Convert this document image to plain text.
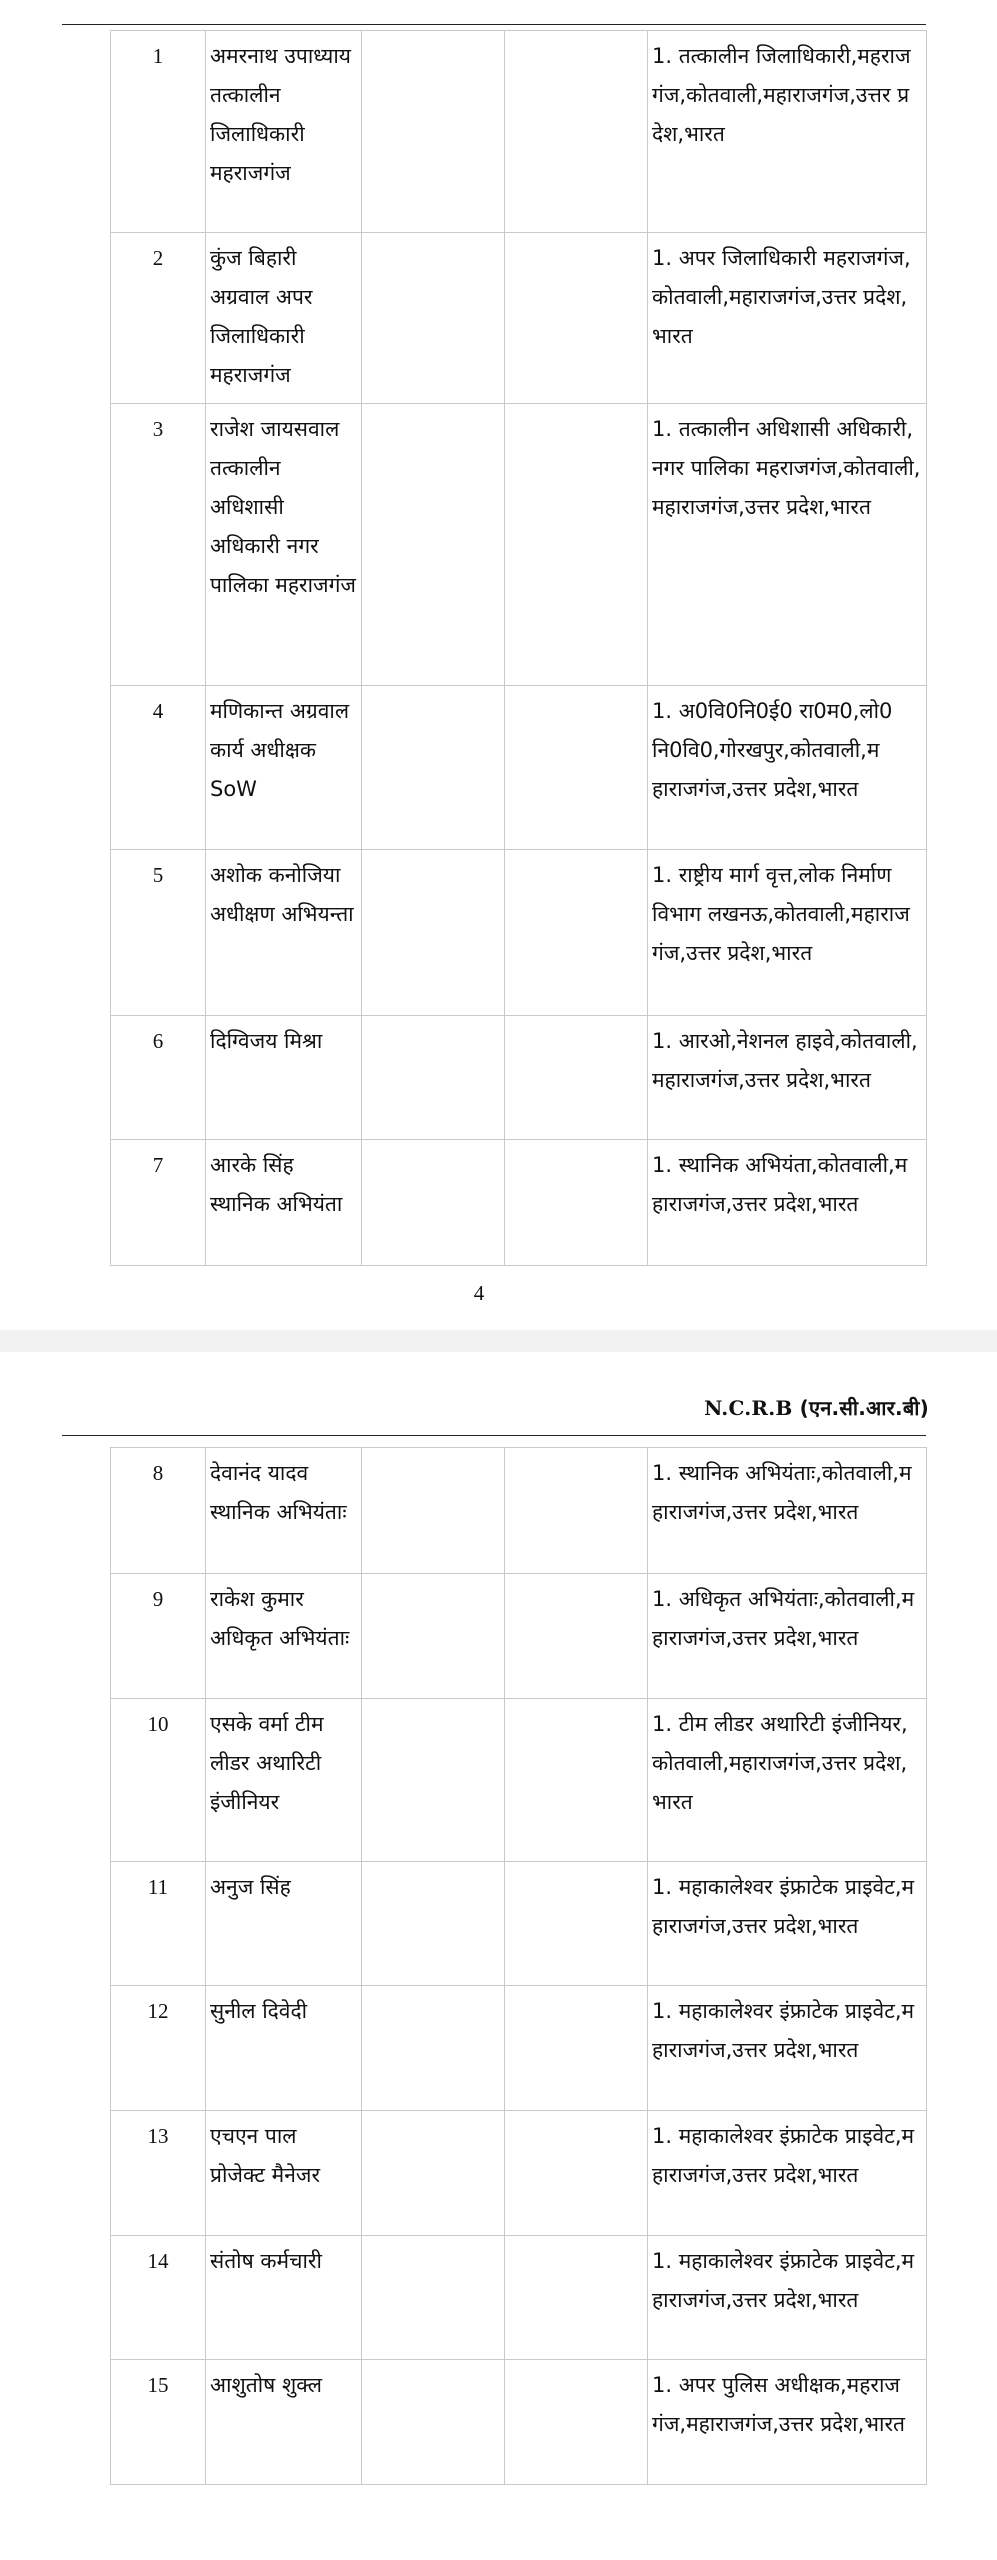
1	अमरनाथ उपाध्याय तत्कालीन जिलाधिकारी महराजगंज			1. तत्कालीन जिलाधिकारी,महराजगंज,कोतवाली,महाराजगंज,उत्तर प्रदेश,भारत
2	कुंज बिहारी अग्रवाल अपर जिलाधिकारी महराजगंज			1. अपर जिलाधिकारी महराजगंज,कोतवाली,महाराजगंज,उत्तर प्रदेश,भारत
3	राजेश जायसवाल तत्कालीन अधिशासी अधिकारी नगर पालिका महराजगंज			1. तत्कालीन अधिशासी अधिकारी,नगर पालिका महराजगंज,कोतवाली,महाराजगंज,उत्तर प्रदेश,भारत
4	मणिकान्त अग्रवाल कार्य अधीक्षक SoW			1. अ0वि0नि0ई0 रा0म0,लो0नि0वि0,गोरखपुर,कोतवाली,महाराजगंज,उत्तर प्रदेश,भारत
5	अशोक कनोजिया अधीक्षण अभियन्ता			1. राष्ट्रीय मार्ग वृत्त,लोक निर्माण विभाग लखनऊ,कोतवाली,महाराजगंज,उत्तर प्रदेश,भारत
6	दिग्विजय मिश्रा			1. आरओ,नेशनल हाइवे,कोतवाली,महाराजगंज,उत्तर प्रदेश,भारत
7	आरके सिंह स्थानिक अभियंता			1. स्थानिक अभियंता,कोतवाली,महाराजगंज,उत्तर प्रदेश,भारत
4
N.C.R.B (एन.सी.आर.बी)
8	देवानंद यादव स्थानिक अभियंताः			1. स्थानिक अभियंताः,कोतवाली,महाराजगंज,उत्तर प्रदेश,भारत
9	राकेश कुमार अधिकृत अभियंताः			1. अधिकृत अभियंताः,कोतवाली,महाराजगंज,उत्तर प्रदेश,भारत
10	एसके वर्मा टीम लीडर अथारिटी इंजीनियर			1. टीम लीडर अथारिटी इंजीनियर,कोतवाली,महाराजगंज,उत्तर प्रदेश,भारत
11	अनुज सिंह			1. महाकालेश्वर इंफ्राटेक प्राइवेट,महाराजगंज,उत्तर प्रदेश,भारत
12	सुनील दिवेदी			1. महाकालेश्वर इंफ्राटेक प्राइवेट,महाराजगंज,उत्तर प्रदेश,भारत
13	एचएन पाल प्रोजेक्ट मैनेजर			1. महाकालेश्वर इंफ्राटेक प्राइवेट,महाराजगंज,उत्तर प्रदेश,भारत
14	संतोष कर्मचारी			1. महाकालेश्वर इंफ्राटेक प्राइवेट,महाराजगंज,उत्तर प्रदेश,भारत
15	आशुतोष शुक्ल			1. अपर पुलिस अधीक्षक,महराजगंज,महाराजगंज,उत्तर प्रदेश,भारत
